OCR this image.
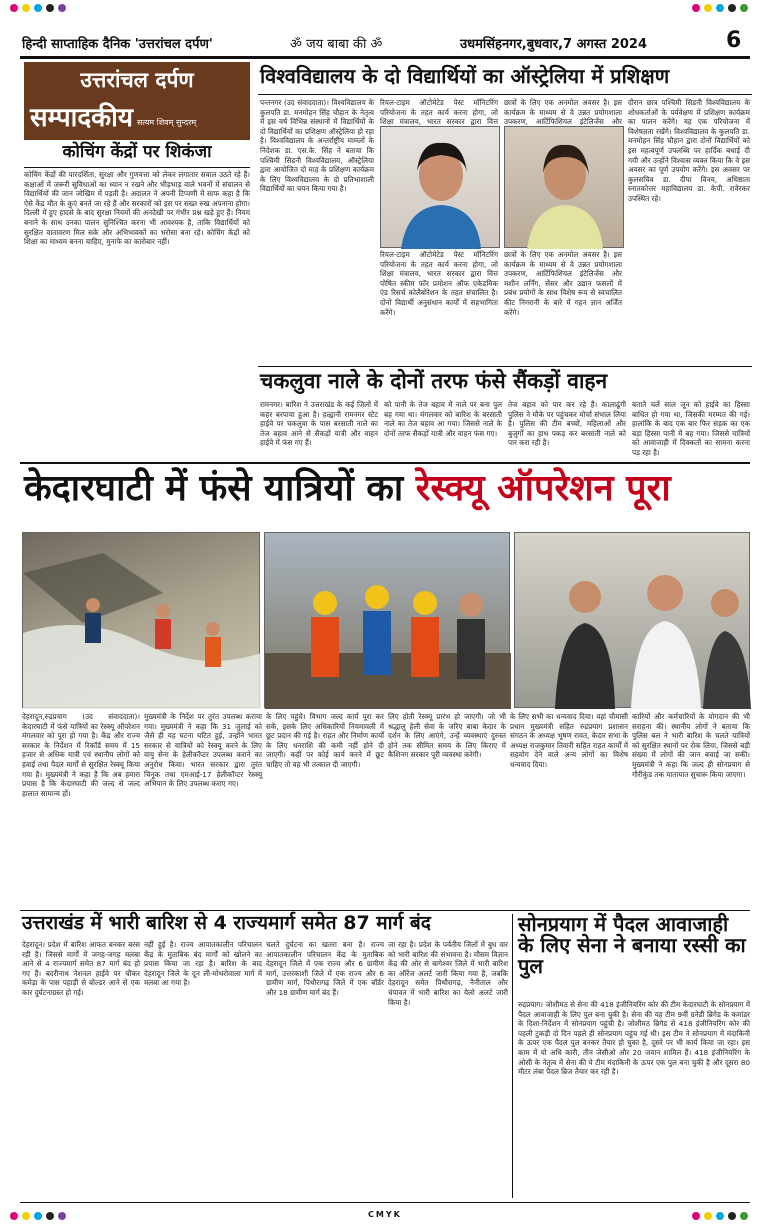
हिन्दी साप्ताहिक दैनिक 'उत्तरांचल दर्पण'	ॐ जय बाबा की ॐ	उधमसिंहनगर,बुधवार,7 अगस्त 2024	6
उत्तरांचल दर्पण
सम्पादकीय सत्यम शिवम् सुन्दरम्
कोचिंग केंद्रों पर शिकंजा
कोचिंग केंद्रों की पारदर्शिता, सुरक्षा और गुणवत्ता को लेकर लगातार सवाल उठते रहे हैं। कक्षाओं में जरूरी सुविधाओं का ध्यान न रखने और भीड़भाड़ वाले भवनों में संचालन से विद्यार्थियों की जान जोखिम में पड़ती है। अदालत ने अपनी टिप्पणी में साफ कहा है कि ऐसे केंद्र मौत के कुएं बनते जा रहे हैं और सरकारों को इस पर सख्त रुख अपनाना होगा। दिल्ली में हुए हादसे के बाद सुरक्षा नियमों की अनदेखी पर गंभीर प्रश्न खड़े हुए हैं। नियम बनाने के साथ उनका पालन सुनिश्चित करना भी आवश्यक है, ताकि विद्यार्थियों को सुरक्षित वातावरण मिल सके और अभिभावकों का भरोसा बना रहे। कोचिंग केंद्रों को शिक्षा का माध्यम बनना चाहिए, मुनाफे का कारोबार नहीं।
विश्वविद्यालय के दो विद्यार्थियों का ऑस्ट्रेलिया में प्रशिक्षण
पन्तनगर (उद संवाददाता)। विश्वविद्यालय के कुलपति डा. मनमोहन सिंह चौहान के नेतृत्व में इस वर्ष विभिन्न संस्थानों में विद्यार्थियों के दो विद्यार्थियों का प्रशिक्षण ऑस्ट्रेलिया हो रहा है। विश्वविद्यालय के अन्तर्राष्ट्रीय मामलों के निदेशक डा. एस.के. सिंह ने बताया कि पश्चिमी सिडनी विश्वविद्यालय, ऑस्ट्रेलिया द्वारा आयोजित दो माह के प्रशिक्षण कार्यक्रम के लिए विश्वविद्यालय के दो प्रतिभाशाली विद्यार्थियों का चयन किया गया है।
रियल-टाइम ऑटोमेटेड पेस्ट मॉनिटरिंग परियोजना के तहत कार्य करना होगा, जो शिक्षा मंत्रालय, भारत सरकार द्वारा वित्त
छात्रों के लिए एक अनमोल अवसर है। इस कार्यक्रम के माध्यम से वे उन्नत प्रयोगशाला उपकरण, आर्टिफिशियल इंटेलिजेंस और
दौरान छात्र पश्चिमी सिडनी विश्वविद्यालय के शोधकर्ताओं के पर्यवेक्षण में प्रशिक्षण कार्यक्रम का पालन करेंगे। यह एक परियोजना में विशेषज्ञता रखेंगे। विश्वविद्यालय के कुलपति डा. मनमोहन सिंह चौहान द्वारा दोनों विद्यार्थियों को इस महत्वपूर्ण उपलब्धि पर हार्दिक बधाई दी गयी और उन्होंने विश्वास व्यक्त किया कि वे इस अवसर का पूर्ण उपयोग करेंगे। इस अवसर पर कुलसचिव डा. दीपा विनय, अधिष्ठाता स्नातकोत्तर महाविद्यालय डा. केपी. रावेरकर उपस्थित रहे।
रियल-टाइम ऑटोमेटेड पेस्ट मॉनिटरिंग परियोजना के तहत कार्य करना होगा, जो शिक्षा मंत्रालय, भारत सरकार द्वारा वित्त पोषित स्कीम फॉर प्रमोशन ऑफ एकेडमिक एंड रिसर्च कोलैबोरेशन के तहत संचालित है। दोनों विद्यार्थी अनुसंधान कार्यों में सहभागिता करेंगे।
छात्रों के लिए एक अनमोल अवसर है। इस कार्यक्रम के माध्यम से वे उन्नत प्रयोगशाला उपकरण, आर्टिफिशियल इंटेलिजेंस और मशीन लर्निंग, सेंसर और उद्यान फसलों में प्रबंध प्रयोगों के साथ विशेष रूप से स्वचालित कीट निगरानी के बारे में गहन ज्ञान अर्जित करेंगे।
चकलुवा नाले के दोनों तरफ फंसे सैंकड़ों वाहन
रामनगर। बारिश ने उत्तराखंड के कई जिलों में कहर बरपाया हुआ है। हल्द्वानी रामनगर स्टेट हाईवे पर चकलुवा के पास बरसाती नाले का तेज बहाव आने से सैकड़ों यात्री और वाहन हाईवे में फंस गए हैं।
को पानी के तेज बहाव में नाले पर बना पुल बह गया था। मंगलवार को बारिश के बरसाती नाले का तेज बहाव आ गया। जिससे नाले के दोनों तरफ सैकड़ों यात्री और वाहन फंस गए।
तेज बहाव को पार कर रहे हैं। कालाढूंगी पुलिस ने मौके पर पहुंचकर मोर्चा संभाल लिया है। पुलिस की टीम बच्चों, महिलाओं और बुजुर्गों का हाथ पकड़ कर बरसाती नाले को पार करा रही है।
बताते चलें साल जून को हाईवे का हिस्सा बाधित हो गया था, जिसकी मरम्मत की गई। हालांकि के बाद एक बार फिर सड़क का एक बड़ा हिस्सा पानी में बह गया। जिससे यात्रियों को आवाजाही में दिक्कतों का सामना करना पड़ रहा है।
केदारघाटी में फंसे यात्रियों का रेस्क्यू ऑपरेशन पूरा
देहरादून,रुद्रप्रयाग (उद संवाददाता)। केदारघाटी में फंसे यात्रियों का रेस्क्यू ऑपरेशन मंगलवार को पूरा हो गया है। केंद्र और राज्य सरकार के निर्देशन में रिकॉर्ड समय में 15 हजार से अधिक यात्री एवं स्थानीय लोगों को हवाई तथा पैदल मार्गों से सुरक्षित रेस्क्यू किया गया है। मुख्यमंत्री ने कहा है कि अब हमारा प्रयास है कि केदारघाटी की जल्द से जल्द हालात सामान्य हों।
मुख्यमंत्री के निर्देश पर तुरंत उपलब्ध कराया गया। मुख्यमंत्री ने कहा कि 31 जुलाई को जैसे ही यह घटना घटित हुई, उन्होंने भारत सरकार से यात्रियों को रेस्क्यू करने के लिए वायु सेना के हेलीकॉप्टर उपलब्ध कराने का अनुरोध किया। भारत सरकार द्वारा तुरंत चिनूक तथा एमआई-17 हेलीकॉप्टर रेस्क्यू अभियान के लिए उपलब्ध कराए गए।
के लिए पहुंचे। विभाग जल्द कार्य पूरा कर सकें, इसके लिए अधिकारियों नियमावली में छूट प्रदान की गई है। राहत और निर्माण कार्यों के लिए धनराशि की कमी नहीं होने दी जाएगी। कहीं पर कोई कार्य करने में छूट चाहिए तो वह भी तत्काल दी जाएगी।
लिए होती रेस्क्यू प्रारंभ हो जाएगी। जो भी श्रद्धालु हेली सेवा के जरिए बाबा केदार के दर्शन के लिए आएंगे, उन्हें व्यवस्थाएं दुरुस्त होने तक सीमित समय के लिए किराए में कैशिनग सरकार पूरी व्यवस्था करेगी।
के लिए सभी का धन्यवाद दिया। वहां चौमासी प्रधान मुख्यमंत्री सहित रुद्रप्रयाग प्रशासन संगठन के अध्यक्ष भूषण रावत, केदार सभा के अध्यक्ष राजकुमार तिवारी सहित राहत कार्यों में सहयोग देने वाले अन्य लोगों का विशेष धन्यवाद दिया।
कारियों और कर्मचारियों के योगदान की भी सराहना की। स्थानीय लोगों ने बताया कि पुलिस बल ने भारी बारिश के चलते यात्रियों को सुरक्षित स्थानों पर रोक लिया, जिससे बड़ी संख्या में लोगों की जान बचाई जा सकी। मुख्यमंत्री ने कहा कि जल्द ही सोनप्रयाग से गौरीकुंड तक यातायात सुचारू किया जाएगा।
उत्तराखंड में भारी बारिश से 4 राज्यमार्ग समेत 87 मार्ग बंद
देहरादून। प्रदेश में बारिश आफत बनकर बरस रही है। जिससे मार्गों में जगह-जगह मलबा आने से 4 राज्यमार्ग समेत 87 मार्ग बंद हो गए हैं। बदरीनाथ नेशनल हाईवे पर चौकर कमेड़ा के पास पहाड़ी से बोल्डर आने से एक कार दुर्घटनाग्रस्त हो गई।
नहीं हुई है। राज्य आपातकालीन परिचालन केंद्र के मुताबिक बंद मार्गों को खोलने का प्रयास किया जा रहा है। बारिश के बाद देहरादून जिले के दून ली-मोथरोवाला मार्ग में मलबा आ गया है।
चलते दुर्घटना का खतरा बना है। राज्य आपातकालीन परिचालन केंद्र के मुताबिक देहरादून जिले में एक राज्य और 6 ग्रामीण मार्ग, उत्तरकाशी जिले में एक राज्य और 6 ग्रामीण मार्ग, पिथौरागढ़ जिले में एक बॉर्डर और 18 ग्रामीण मार्ग बंद हैं।
जा रहा है। प्रदेश के पर्वतीय जिलों में बुध वार को भारी बारिश की संभावना है। मौसम विज्ञान केंद्र की ओर से बागेश्वर जिले में भारी बारिश का ऑरेंज अलर्ट जारी किया गया है, जबकि देहरादून समेत पिथौरागढ़, नैनीताल और चंपावत में भारी बारिश का येलो अलर्ट जारी किया है।
सोनप्रयाग में पैदल आवाजाही के लिए सेना ने बनाया रस्सी का पुल
रुद्रप्रयाग। जोशीमठ से सेना की 418 इंजीनियरिंग कोर की टीम केदारघाटी के सोनप्रयाग में पैदल आवाजाही के लिए पुल बना चुकी है। सेना की यह टीम 9वीं ग्रनेडी ब्रिगेड के कमांडर के दिशा-निर्देशन में सोनप्रयाग पहुंची है। जोशीमठ ब्रिगेड से 418 इंजीनियरिंग कोर की पहली टुकड़ी दो दिन पहले ही सोनप्रयाग पहुंच गई थी। इस टीम ने सोनप्रयाग में मंदाकिनी के ऊपर एक पैदल पुल बनकर तैयार हो चुका है, दूसरे पर भी कार्य किया जा रहा। इस काम में यो अधि कारी, तीन जेसीओ और 20 जवान शामिल हैं। 418 इंजीनियरिंग के ओसी के नेतृत्व में सेना की ये टीम मंदाकिनी के ऊपर एक पुल बना चुकी है और दूसरा 80 मीटर लंबा पैदल ब्रिज तैयार कर रही है।
CMYK
